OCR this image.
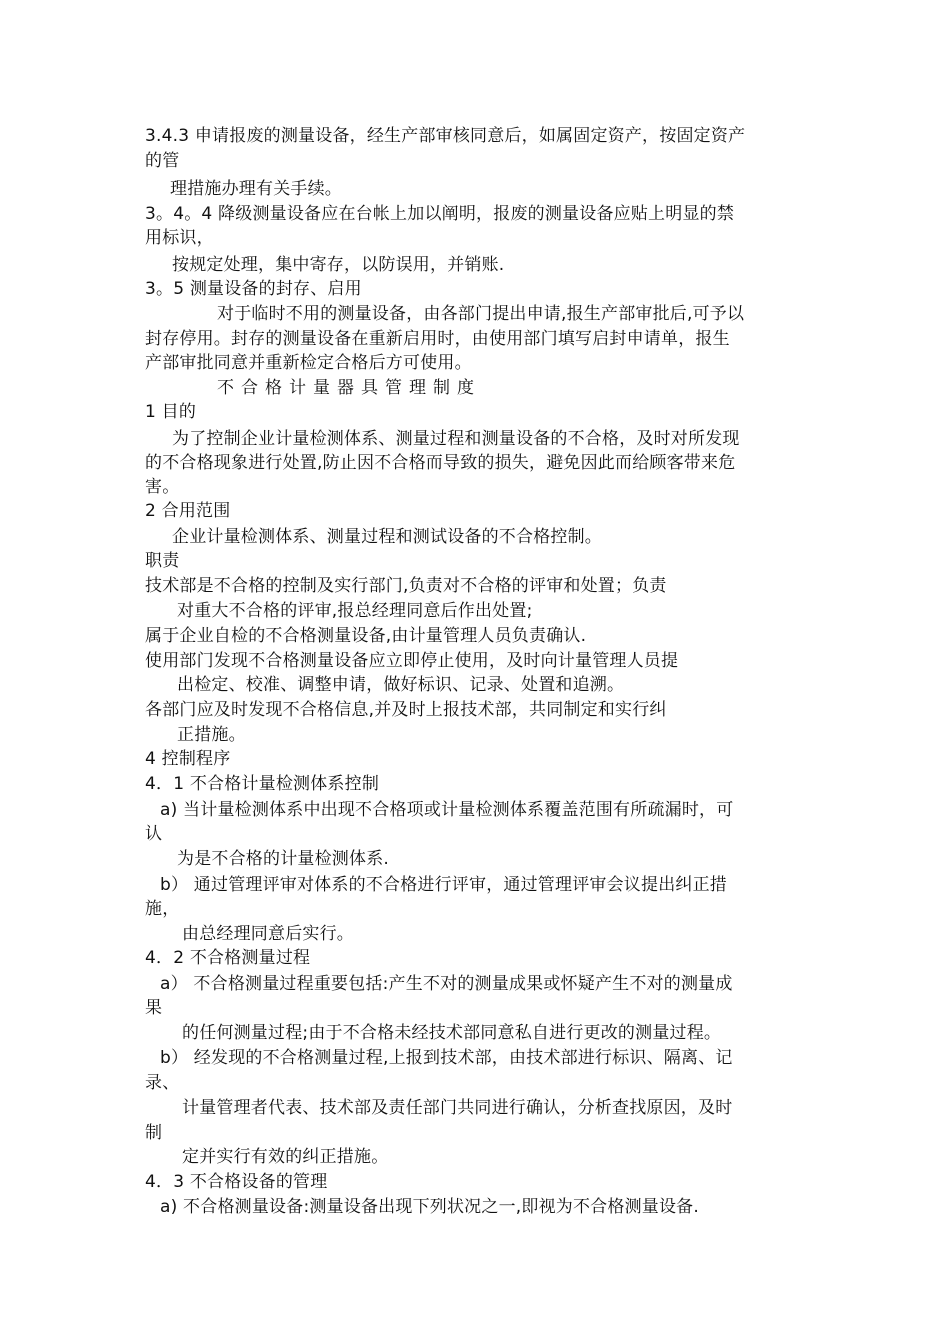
3.4.3 申请报废的测量设备，经生产部审核同意后，如属固定资产，按固定资产
的管
理措施办理有关手续。
3。4。4 降级测量设备应在台帐上加以阐明，报废的测量设备应贴上明显的禁
用标识，
按规定处理，集中寄存，以防误用，并销账.
3。5 测量设备的封存、启用
对于临时不用的测量设备，由各部门提出申请,报生产部审批后,可予以
封存停用。封存的测量设备在重新启用时，由使用部门填写启封申请单，报生
产部审批同意并重新检定合格后方可使用。
不合格计量器具管理制度
1 目的
为了控制企业计量检测体系、测量过程和测量设备的不合格，及时对所发现
的不合格现象进行处置,防止因不合格而导致的损失，避免因此而给顾客带来危
害。
2 合用范围
企业计量检测体系、测量过程和测试设备的不合格控制。
职责
技术部是不合格的控制及实行部门,负责对不合格的评审和处置；负责
对重大不合格的评审,报总经理同意后作出处置;
属于企业自检的不合格测量设备,由计量管理人员负责确认.
使用部门发现不合格测量设备应立即停止使用，及时向计量管理人员提
出检定、校准、调整申请，做好标识、记录、处置和追溯。
各部门应及时发现不合格信息,并及时上报技术部，共同制定和实行纠
正措施。
4 控制程序
4．1 不合格计量检测体系控制
a) 当计量检测体系中出现不合格项或计量检测体系覆盖范围有所疏漏时，可
认
为是不合格的计量检测体系.
b） 通过管理评审对体系的不合格进行评审，通过管理评审会议提出纠正措
施，
由总经理同意后实行。
4．2 不合格测量过程
a） 不合格测量过程重要包括:产生不对的测量成果或怀疑产生不对的测量成
果
的任何测量过程;由于不合格未经技术部同意私自进行更改的测量过程。
b） 经发现的不合格测量过程,上报到技术部，由技术部进行标识、隔离、记
录、
计量管理者代表、技术部及责任部门共同进行确认，分析查找原因，及时
制
定并实行有效的纠正措施。
4．3 不合格设备的管理
a) 不合格测量设备:测量设备出现下列状况之一,即视为不合格测量设备.
